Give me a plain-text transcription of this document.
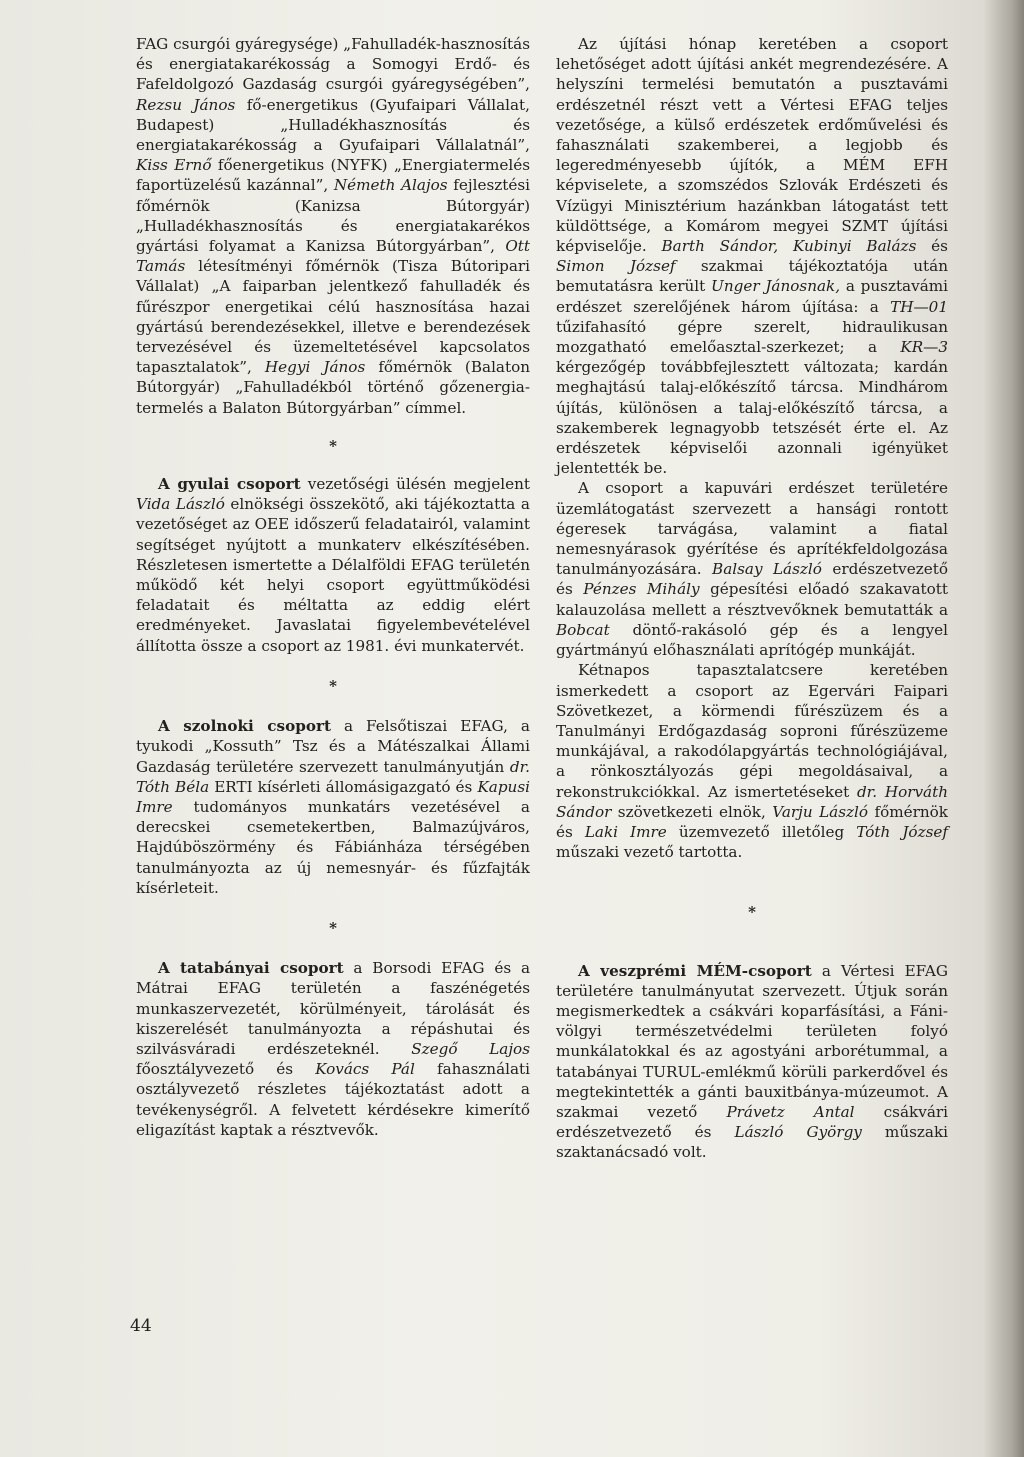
FAG csurgói gyáregysége) „Fahulladék-hasznosítás és energiatakarékosság a Somogyi Erdő- és Fafeldolgozó Gazdaság csurgói gyáregységében”, Rezsu János fő-energetikus (Gyufaipari Vállalat, Budapest) „Hulladékhasznosítás és energiatakarékosság a Gyufaipari Vállalatnál”, Kiss Ernő főenergetikus (NYFK) „Energiatermelés faportüzelésű kazánnal”, Németh Alajos fejlesztési főmérnök (Kanizsa Bútorgyár) „Hulladékhasznosítás és energiatakarékos gyártási folyamat a Kanizsa Bútorgyárban”, Ott Tamás létesítményi főmérnök (Tisza Bútoripari Vállalat) „A faiparban jelentkező fahulladék és fűrészpor energetikai célú hasznosítása hazai gyártású berendezésekkel, illetve e berendezések tervezésével és üzemeltetésével kapcsolatos tapasztalatok”, Hegyi János főmérnök (Balaton Bútorgyár) „Fahulladékból történő gőzenergia-termelés a Balaton Bútorgyárban” címmel.

*

A gyulai csoport vezetőségi ülésén megjelent Vida László elnökségi összekötő, aki tájékoztatta a vezetőséget az OEE időszerű feladatairól, valamint segítséget nyújtott a munkaterv elkészítésében. Részletesen ismertette a Délalföldi EFAG területén működő két helyi csoport együttműködési feladatait és méltatta az eddig elért eredményeket. Javaslatai figyelembevételével állította össze a csoport az 1981. évi munkatervét.

*

A szolnoki csoport a Felsőtiszai EFAG, a tyukodi „Kossuth” Tsz és a Mátészalkai Állami Gazdaság területére szervezett tanulmányutján dr. Tóth Béla ERTI kísérleti állomásigazgató és Kapusi Imre tudományos munkatárs vezetésével a derecskei csemetekertben, Balmazújváros, Hajdúböszörmény és Fábiánháza térségében tanulmányozta az új nemesnyár- és fűzfajták kísérleteit.

*

A tatabányai csoport a Borsodi EFAG és a Mátrai EFAG területén a faszénégetés munkaszervezetét, körülményeit, tárolását és kiszerelését tanulmányozta a répáshutai és szilvásváradi erdészeteknél. Szegő Lajos főosztályvezető és Kovács Pál fahasználati osztályvezető részletes tájékoztatást adott a tevékenységről. A felvetett kérdésekre kimerítő eligazítást kaptak a résztvevők.

Az újítási hónap keretében a csoport lehetőséget adott újítási ankét megrendezésére. A helyszíni termelési bemutatón a pusztavámi erdészetnél részt vett a Vértesi EFAG teljes vezetősége, a külső erdészetek erdőművelési és fahasználati szakemberei, a legjobb és legeredményesebb újítók, a MÉM EFH képviselete, a szomszédos Szlovák Erdészeti és Vízügyi Minisztérium hazánkban látogatást tett küldöttsége, a Komárom megyei SZMT újítási képviselője. Barth Sándor, Kubinyi Balázs és Simon József szakmai tájékoztatója után bemutatásra került Unger Jánosnak, a pusztavámi erdészet szerelőjének három újítása: a TH—01 tűzifahasító gépre szerelt, hidraulikusan mozgatható emelőasztal-szerkezet; a KR—3 kérgezőgép továbbfejlesztett változata; kardán meghajtású talaj-előkészítő tárcsa. Mindhárom újítás, különösen a talaj-előkészítő tárcsa, a szakemberek legnagyobb tetszését érte el. Az erdészetek képviselői azonnali igényüket jelentették be.

A csoport a kapuvári erdészet területére üzemlátogatást szervezett a hansági rontott égeresek tarvágása, valamint a fiatal nemesnyárasok gyérítése és aprítékfeldolgozása tanulmányozására. Balsay László erdészetvezető és Pénzes Mihály gépesítési előadó szakavatott kalauzolása mellett a résztvevőknek bemutatták a Bobcat döntő-rakásoló gép és a lengyel gyártmányú előhasználati aprítógép munkáját.

Kétnapos tapasztalatcsere keretében ismerkedett a csoport az Egervári Faipari Szövetkezet, a körmendi fűrészüzem és a Tanulmányi Erdőgazdaság soproni fűrészüzeme munkájával, a rakodólapgyártás technológiájával, a rönkosztályozás gépi megoldásaival, a rekonstrukciókkal. Az ismertetéseket dr. Horváth Sándor szövetkezeti elnök, Varju László főmérnök és Laki Imre üzemvezető illetőleg Tóth József műszaki vezető tartotta.

*

A veszprémi MÉM-csoport a Vértesi EFAG területére tanulmányutat szervezett. Útjuk során megismerkedtek a csákvári koparfásítási, a Fáni-völgyi természetvédelmi területen folyó munkálatokkal és az agostyáni arborétummal, a tatabányai TURUL-emlékmű körüli parkerdővel és megtekintették a gánti bauxitbánya-múzeumot. A szakmai vezető Právetz Antal csákvári erdészetvezető és László György műszaki szaktanácsadó volt.

44
